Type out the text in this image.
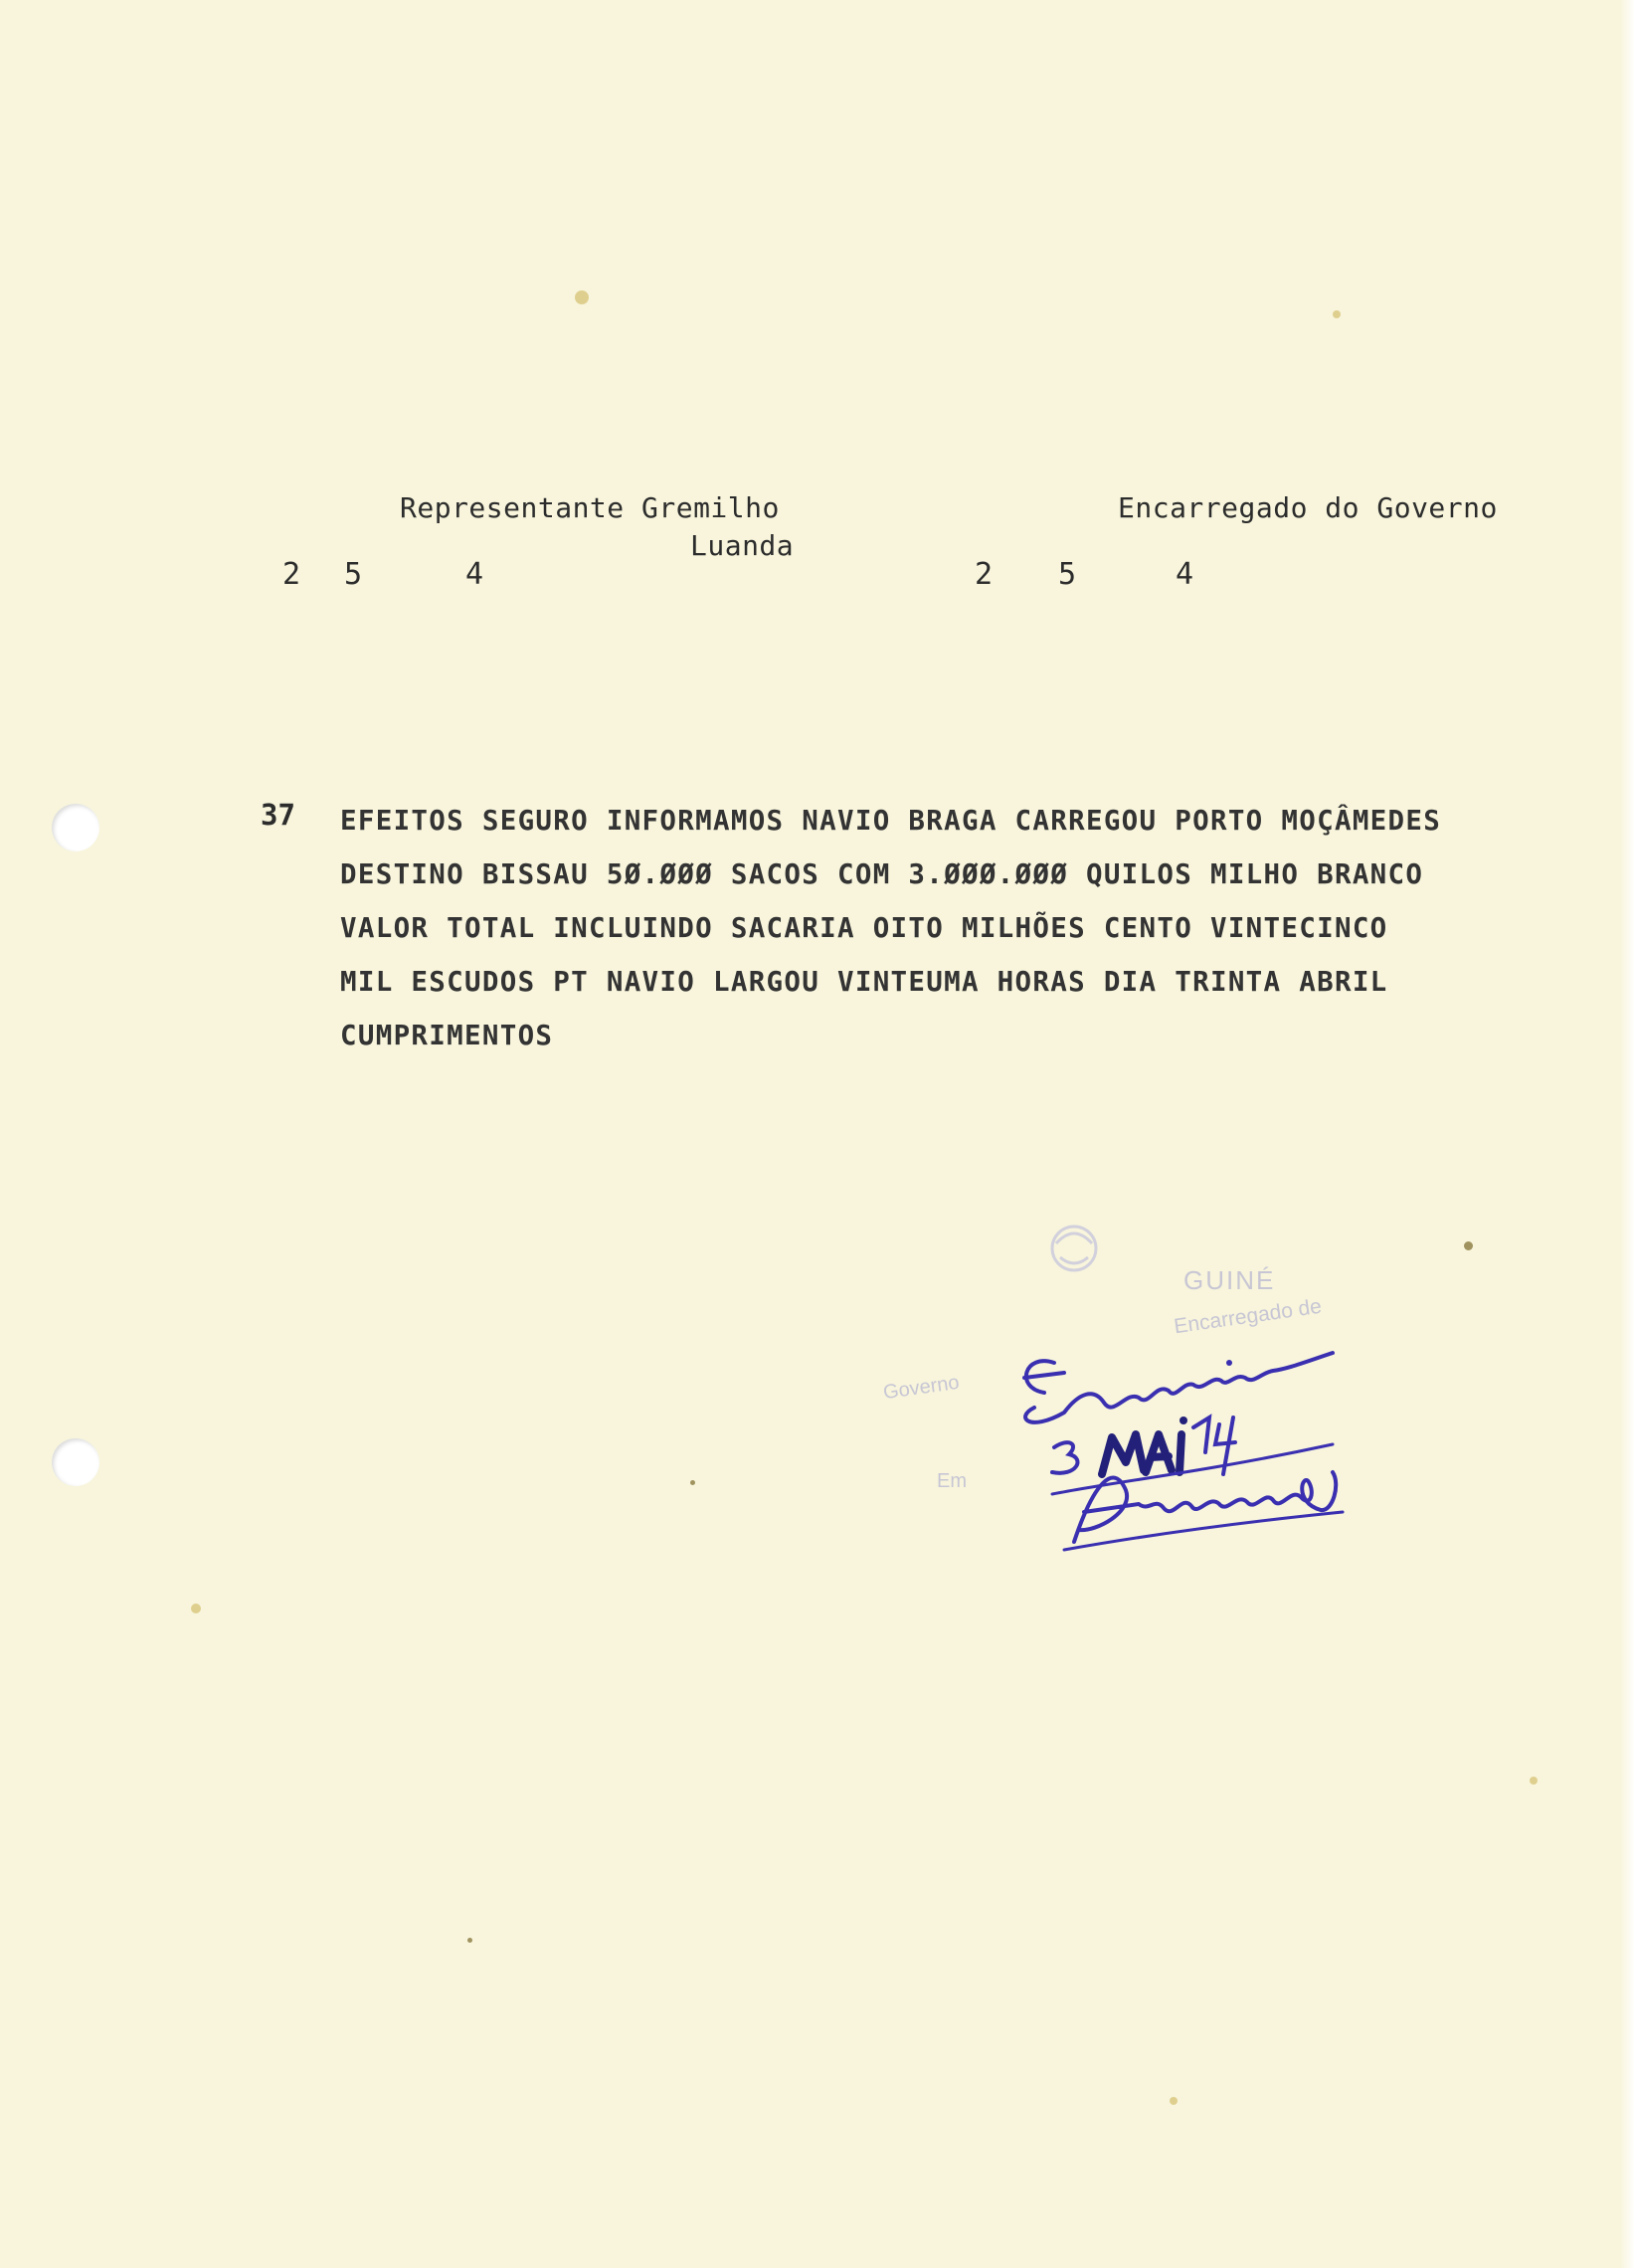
Representante Gremilho
Luanda
Encarregado do Governo
2 5	4	2 5	4
37 EFEITOS SEGURO INFORMAMOS NAVIO BRAGA CARREGOU PORTO MOÇÂMEDES
DESTINO BISSAU 5Ø.ØØØ SACOS COM 3.ØØØ.ØØØ QUILOS MILHO BRANCO
VALOR TOTAL INCLUINDO SACARIA OITO MILHÕES CENTO VINTECINCO
MIL ESCUDOS PT NAVIO LARGOU VINTEUMA HORAS DIA TRINTA ABRIL
CUMPRIMENTOS
GUINÉ
Encarregado de
Governo
Em
